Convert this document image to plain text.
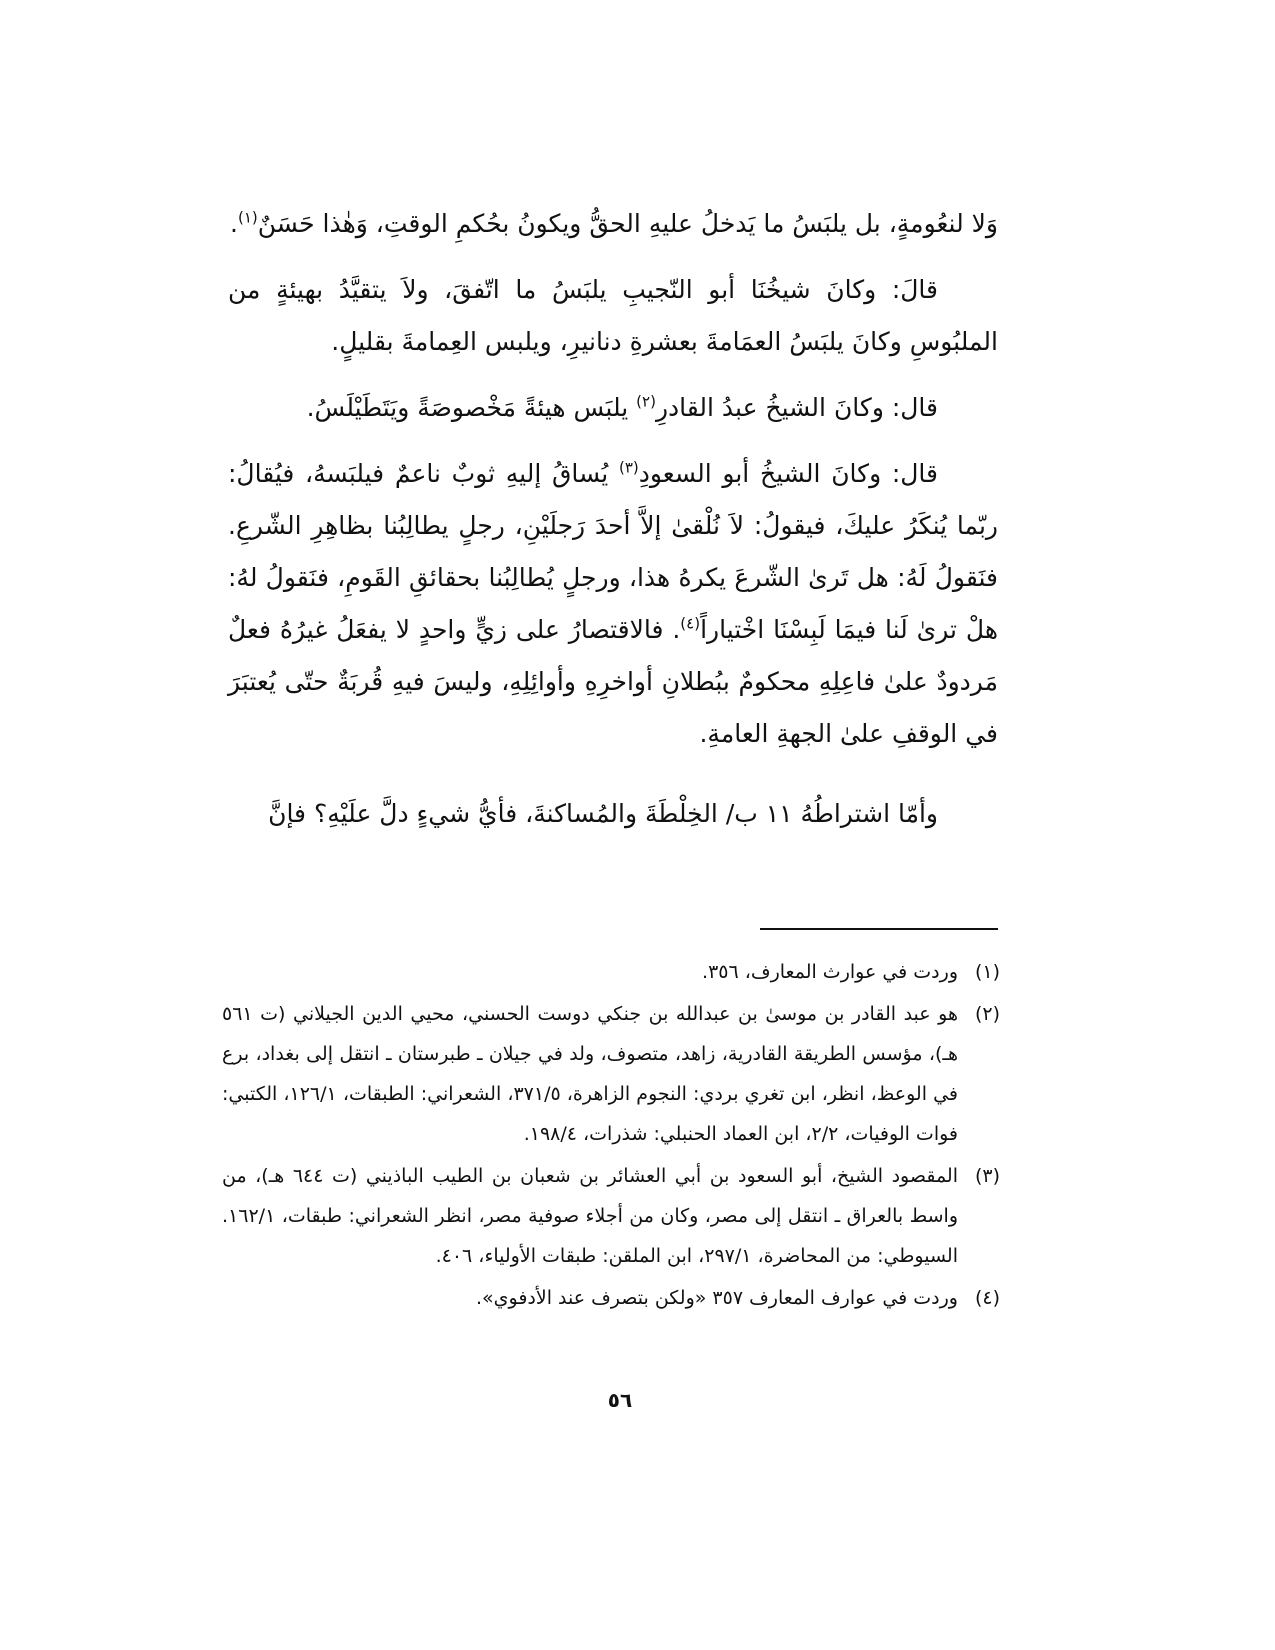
وَلا لنعُومةٍ، بل يلبَسُ ما يَدخلُ عليهِ الحقُّ ويكونُ بحُكمِ الوقتِ، وَهٰذا حَسَنٌ$^{(١)}$.

قالَ: وكانَ شيخُنَا أبو النّجيبِ يلبَسُ ما اتّفقَ، ولاَ يتقيَّدُ بهيئةٍ من الملبُوسِ وكانَ يلبَسُ العمَامةَ بعشرةِ دنانيرِ، ويلبس العِمامةَ بقليلٍ.

قال: وكانَ الشيخُ عبدُ القادرِ$^{(٢)}$ يلبَس هيئةً مَخْصوصَةً ويَتَطَيْلَسُ.

قال: وكانَ الشيخُ أبو السعودِ$^{(٣)}$ يُساقُ إليهِ ثوبٌ ناعمٌ فيلبَسهُ، فيُقالُ: ربّما يُنكَرُ عليكَ، فيقولُ: لاَ نُلْقىٰ إلاَّ أحدَ رَجلَيْنِ، رجلٍ يطالِبُنا بظاهِرِ الشّرعِ. فنَقولُ لَهُ: هل تَرىٰ الشّرعَ يكرهُ هذا، ورجلٍ يُطالِبُنا بحقائقِ القَومِ، فنَقولُ لهُ: هلْ ترىٰ لَنا فيمَا لَبِسْنَا اخْتياراً$^{(٤)}$. فالاقتصارُ على زيٍّ واحدٍ لا يفعَلُ غيرُهُ فعلٌ مَردودٌ علىٰ فاعِلِهِ محكومٌ ببُطلانِ أواخرِهِ وأوائِلِهِ، وليسَ فيهِ قُربَةٌ حتّى يُعتبَرَ في الوقفِ علىٰ الجهةِ العامةِ.

وأمّا اشتراطُهُ ١١ ب/ الخِلْطَةَ والمُساكنةَ، فأيُّ شيءٍ دلَّ علَيْهِ؟ فإنَّ

(١)
وردت في عوارث المعارف، ٣٥٦.
(٢)
هو عبد القادر بن موسىٰ بن عبدالله بن جنكي دوست الحسني، محيي الدين الجيلاني (ت ٥٦١ هـ)، مؤسس الطريقة القادرية، زاهد، متصوف، ولد في جيلان ـ طبرستان ـ انتقل إلى بغداد، برع في الوعظ، انظر، ابن تغري بردي: النجوم الزاهرة، ٣٧١/٥، الشعراني: الطبقات، ١٢٦/١، الكتبي: فوات الوفيات، ٢/٢، ابن العماد الحنبلي: شذرات، ١٩٨/٤.
(٣)
المقصود الشيخ، أبو السعود بن أبي العشائر بن شعبان بن الطيب الباذيني (ت ٦٤٤ هـ)، من واسط بالعراق ـ انتقل إلى مصر، وكان من أجلاء صوفية مصر، انظر الشعراني: طبقات، ١٦٢/١. السيوطي: من المحاضرة، ٢٩٧/١، ابن الملقن: طبقات الأولياء، ٤٠٦.
(٤)
وردت في عوارف المعارف ٣٥٧ «ولكن بتصرف عند الأدفوي».
٥٦
